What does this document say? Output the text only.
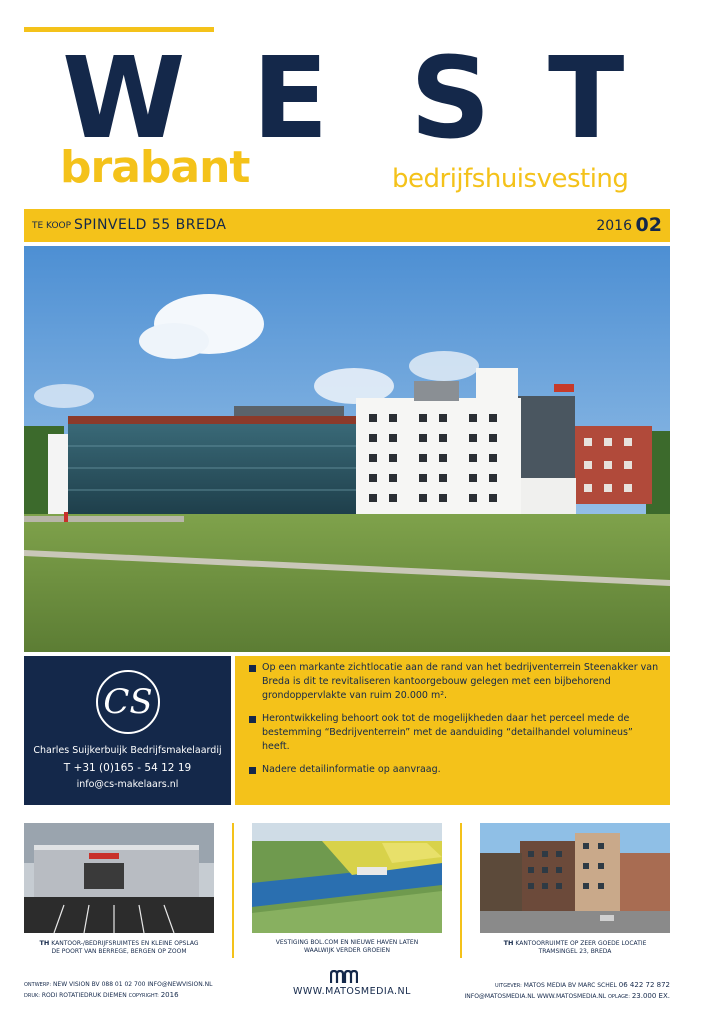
W E S T
brabant	bedrijfshuisvesting
TE KOOP SPINVELD 55 BREDA	2016 02
CS
Charles Suijkerbuijk Bedrijfsmakelaardij
T +31 (0)165 - 54 12 19
info@cs-makelaars.nl
Op een markante zichtlocatie aan de rand van het bedrijventerrein Steenakker van Breda is dit te revitaliseren kantoorgebouw gelegen met een bijbehorend grondoppervlakte van ruim 20.000 m².
Herontwikkeling behoort ook tot de mogelijkheden daar het perceel mede de bestemming “Bedrijventerrein” met de aanduiding “detailhandel volumineus” heeft.
Nadere detailinformatie op aanvraag.
TH KANTOOR-/BEDRIJFSRUIMTES EN KLEINE OPSLAG
DE POORT VAN BERREGE, BERGEN OP ZOOM
VESTIGING BOL.COM EN NIEUWE HAVEN LATEN
WAALWIJK VERDER GROEIEN
TH KANTOORRUIMTE OP ZEER GOEDE LOCATIE
TRAMSINGEL 23, BREDA
ONTWERP: NEW VISION BV 088 01 02 700 INFO@NEWVISION.NL
DRUK: RODI ROTATIEDRUK DIEMEN COPYRIGHT: 2016	WWW.MATOSMEDIA.NL	UITGEVER: MATOS MEDIA BV MARC SCHEL 06 422 72 872
INFO@MATOSMEDIA.NL WWW.MATOSMEDIA.NL OPLAGE: 23.000 EX.
